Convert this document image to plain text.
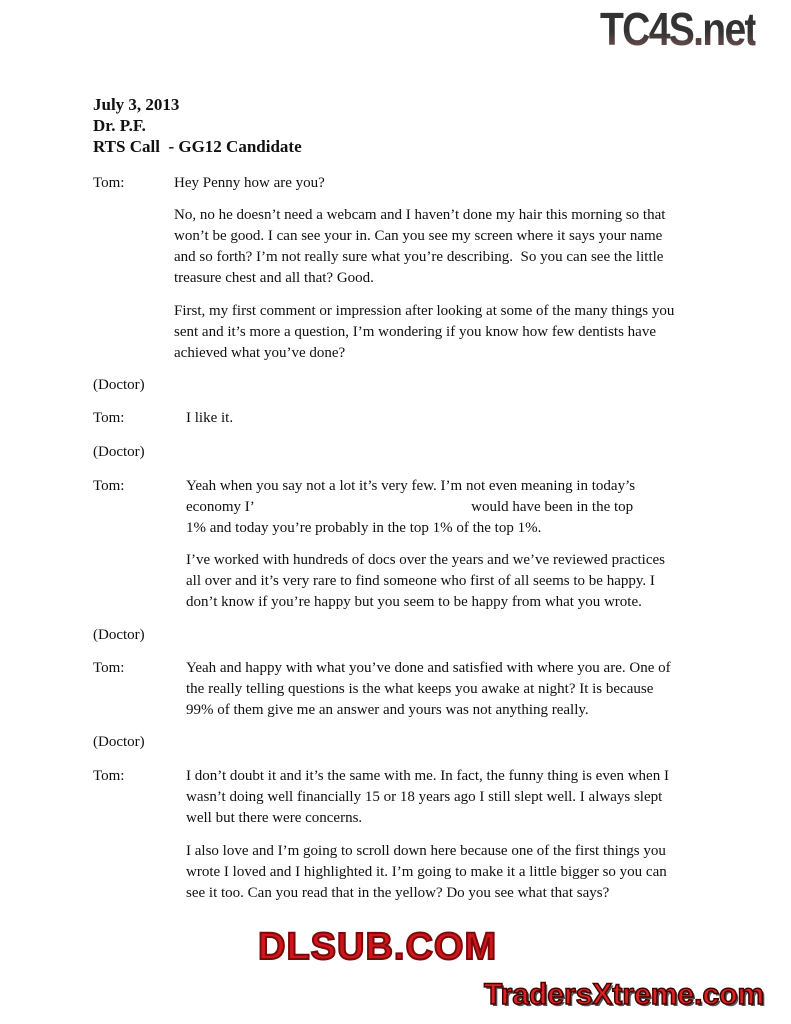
TC4S.net
July 3, 2013
Dr. P.F.
RTS Call  - GG12 Candidate
Tom:	Hey Penny how are you?
No, no he doesn’t need a webcam and I haven’t done my hair this morning so that
won’t be good. I can see your in. Can you see my screen where it says your name
and so forth? I’m not really sure what you’re describing.  So you can see the little
treasure chest and all that? Good.
First, my first comment or impression after looking at some of the many things you
sent and it’s more a question, I’m wondering if you know how few dentists have
achieved what you’ve done?
(Doctor)
Tom:	I like it.
(Doctor)
Tom:	Yeah when you say not a lot it’s very few. I’m not even meaning in today’s
economy I’                                                          would have been in the top
1% and today you’re probably in the top 1% of the top 1%.
I’ve worked with hundreds of docs over the years and we’ve reviewed practices
all over and it’s very rare to find someone who first of all seems to be happy. I
don’t know if you’re happy but you seem to be happy from what you wrote.
(Doctor)
Tom:	Yeah and happy with what you’ve done and satisfied with where you are. One of
the really telling questions is the what keeps you awake at night? It is because
99% of them give me an answer and yours was not anything really.
(Doctor)
Tom:	I don’t doubt it and it’s the same with me. In fact, the funny thing is even when I
wasn’t doing well financially 15 or 18 years ago I still slept well. I always slept
well but there were concerns.
I also love and I’m going to scroll down here because one of the first things you
wrote I loved and I highlighted it. I’m going to make it a little bigger so you can
see it too. Can you read that in the yellow? Do you see what that says?
DLSUB.COM
TradersXtreme.com
